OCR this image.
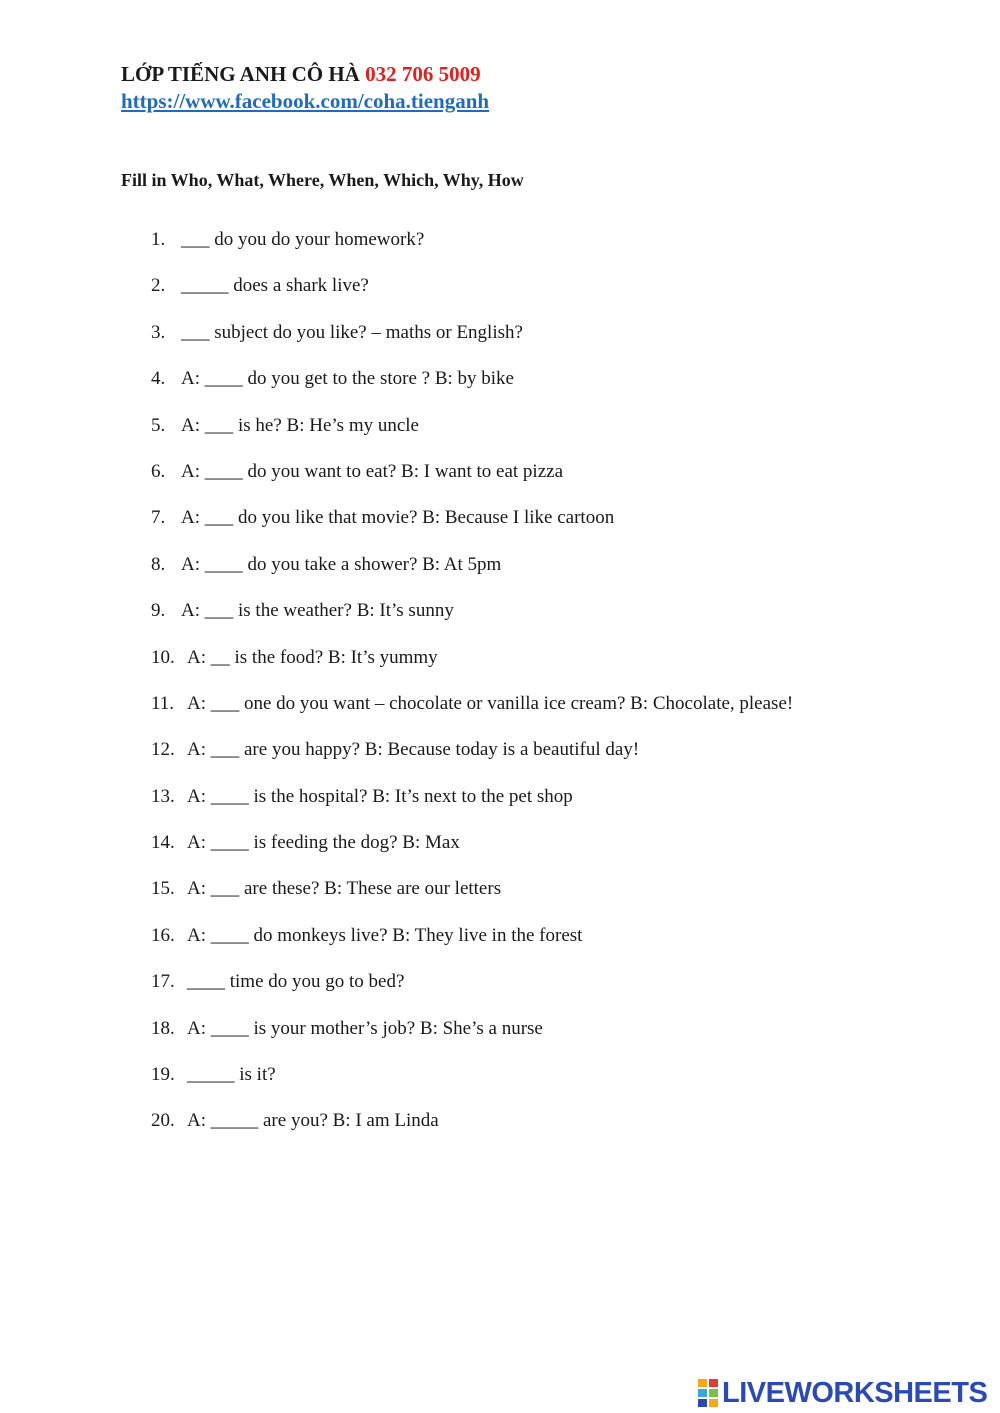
LỚP TIẾNG ANH CÔ HÀ 032 706 5009
https://www.facebook.com/coha.tienganh
Fill in Who, What, Where, When, Which, Why, How
1. ___ do you do your homework?
2. _____ does a shark live?
3. ___ subject do you like? – maths or English?
4. A: ____ do you get to the store ? B: by bike
5. A: ___ is he? B: He’s my uncle
6. A: ____ do you want to eat? B: I want to eat pizza
7. A: ___ do you like that movie? B: Because I like cartoon
8. A: ____ do you take a shower? B: At 5pm
9. A: ___ is the weather? B: It’s sunny
10. A: __ is the food? B: It’s yummy
11. A: ___ one do you want – chocolate or vanilla ice cream? B: Chocolate, please!
12. A: ___ are you happy? B: Because today is a beautiful day!
13. A: ____ is the hospital? B: It’s next to the pet shop
14. A: ____ is feeding the dog? B: Max
15. A: ___ are these? B: These are our letters
16. A: ____ do monkeys live? B: They live in the forest
17. ____ time do you go to bed?
18. A: ____ is your mother’s job? B: She’s a nurse
19. _____ is it?
20. A: _____ are you? B: I am Linda
LIVEWORKSHEETS
